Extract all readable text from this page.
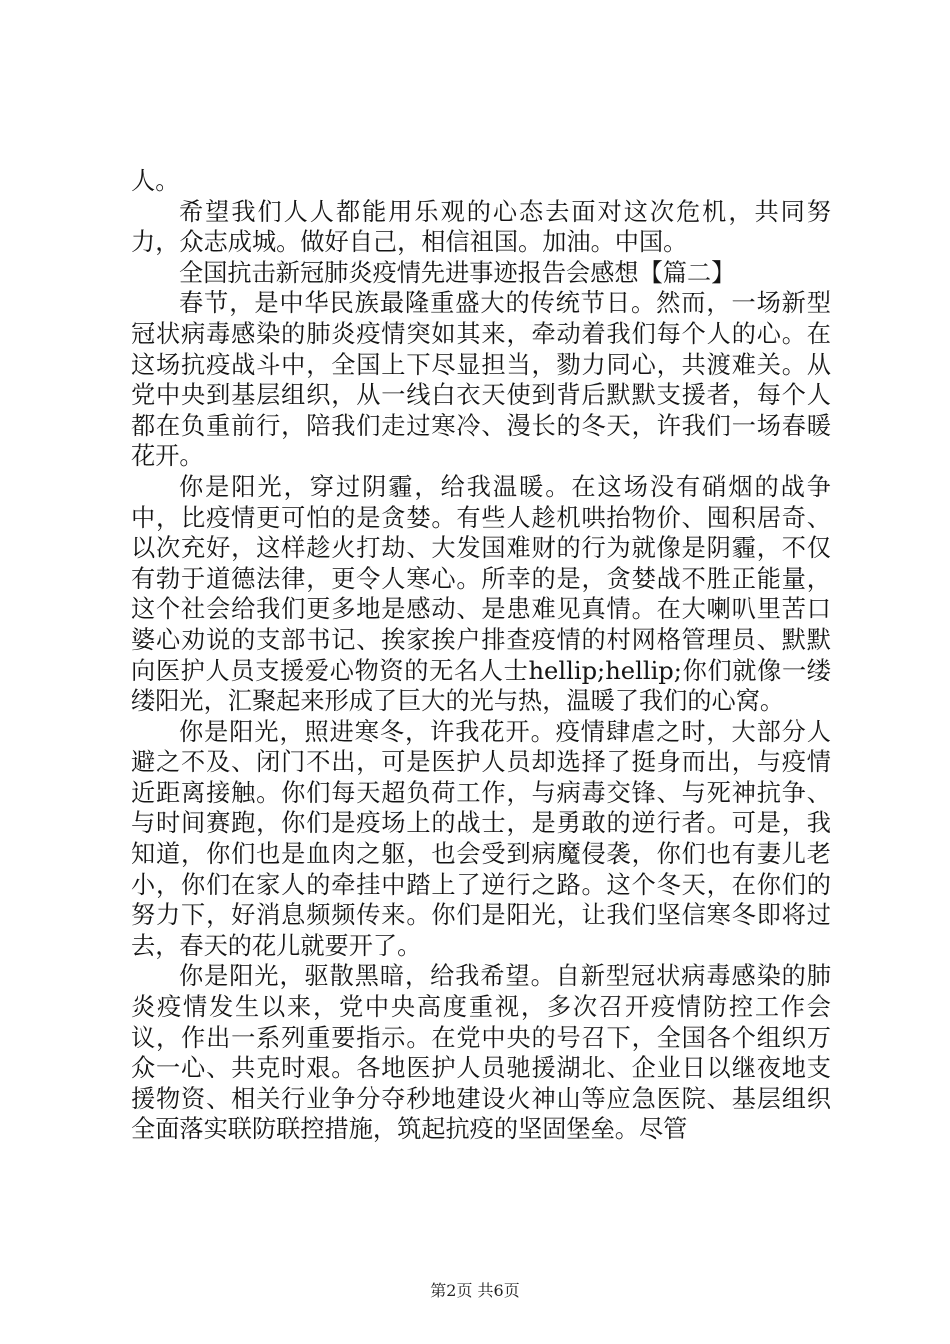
人。

希望我们人人都能用乐观的心态去面对这次危机，共同努力，众志成城。做好自己，相信祖国。加油。中国。

全国抗击新冠肺炎疫情先进事迹报告会感想【篇二】

春节，是中华民族最隆重盛大的传统节日。然而，一场新型冠状病毒感染的肺炎疫情突如其来，牵动着我们每个人的心。在这场抗疫战斗中，全国上下尽显担当，勠力同心，共渡难关。从党中央到基层组织，从一线白衣天使到背后默默支援者，每个人都在负重前行，陪我们走过寒冷、漫长的冬天，许我们一场春暖花开。

你是阳光，穿过阴霾，给我温暖。在这场没有硝烟的战争中，比疫情更可怕的是贪婪。有些人趁机哄抬物价、囤积居奇、以次充好，这样趁火打劫、大发国难财的行为就像是阴霾，不仅有勃于道德法律，更令人寒心。所幸的是，贪婪战不胜正能量，这个社会给我们更多地是感动、是患难见真情。在大喇叭里苦口婆心劝说的支部书记、挨家挨户排查疫情的村网格管理员、默默向医护人员支援爱心物资的无名人士hellip;hellip;你们就像一缕缕阳光，汇聚起来形成了巨大的光与热，温暖了我们的心窝。

你是阳光，照进寒冬，许我花开。疫情肆虐之时，大部分人避之不及、闭门不出，可是医护人员却选择了挺身而出，与疫情近距离接触。你们每天超负荷工作，与病毒交锋、与死神抗争、与时间赛跑，你们是疫场上的战士，是勇敢的逆行者。可是，我知道，你们也是血肉之躯，也会受到病魔侵袭，你们也有妻儿老小，你们在家人的牵挂中踏上了逆行之路。这个冬天，在你们的努力下，好消息频频传来。你们是阳光，让我们坚信寒冬即将过去，春天的花儿就要开了。

你是阳光，驱散黑暗，给我希望。自新型冠状病毒感染的肺炎疫情发生以来，党中央高度重视，多次召开疫情防控工作会议，作出一系列重要指示。在党中央的号召下，全国各个组织万众一心、共克时艰。各地医护人员驰援湖北、企业日以继夜地支援物资、相关行业争分夺秒地建设火神山等应急医院、基层组织全面落实联防联控措施，筑起抗疫的坚固堡垒。尽管

第2页 共6页
